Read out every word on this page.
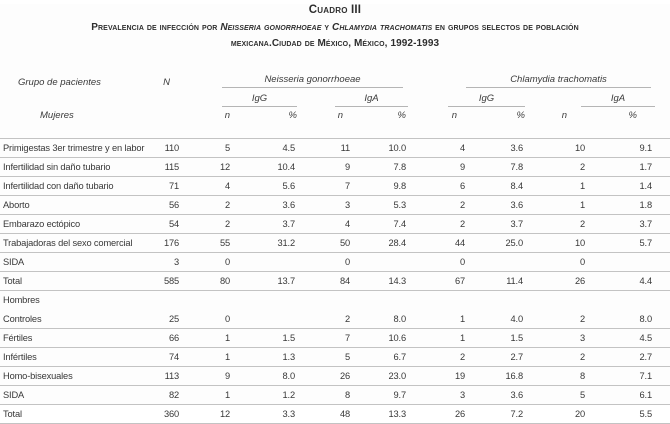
Cuadro III
Prevalencia de infección por Neisseria gonorrhoeae y Chlamydia trachomatis en grupos selectos de población
mexicana.Ciudad de México, México, 1992-1993
Grupo de pacientes	N	Neisseria gonorrhoeae				Chlamydia trachomatis			

		IgG		IgA		IgG		IgA	

Mujeres		n	%	n	%	n	%	n	%
Primigestas 3er trimestre y en labor	110	5	4.5	11	10.0	4	3.6	10	9.1
Infertilidad sin daño tubario	115	12	10.4	9	7.8	9	7.8	2	1.7
Infertilidad con daño tubario	71	4	5.6	7	9.8	6	8.4	1	1.4
Aborto	56	2	3.6	3	5.3	2	3.6	1	1.8
Embarazo ectópico	54	2	3.7	4	7.4	2	3.7	2	3.7
Trabajadoras del sexo comercial	176	55	31.2	50	28.4	44	25.0	10	5.7
SIDA	3	0		0		0		0	
Total	585	80	13.7	84	14.3	67	11.4	26	4.4
Hombres									
Controles	25	0		2	8.0	1	4.0	2	8.0
Fértiles	66	1	1.5	7	10.6	1	1.5	3	4.5
Infértiles	74	1	1.3	5	6.7	2	2.7	2	2.7
Homo-bisexuales	113	9	8.0	26	23.0	19	16.8	8	7.1
SIDA	82	1	1.2	8	9.7	3	3.6	5	6.1
Total	360	12	3.3	48	13.3	26	7.2	20	5.5
